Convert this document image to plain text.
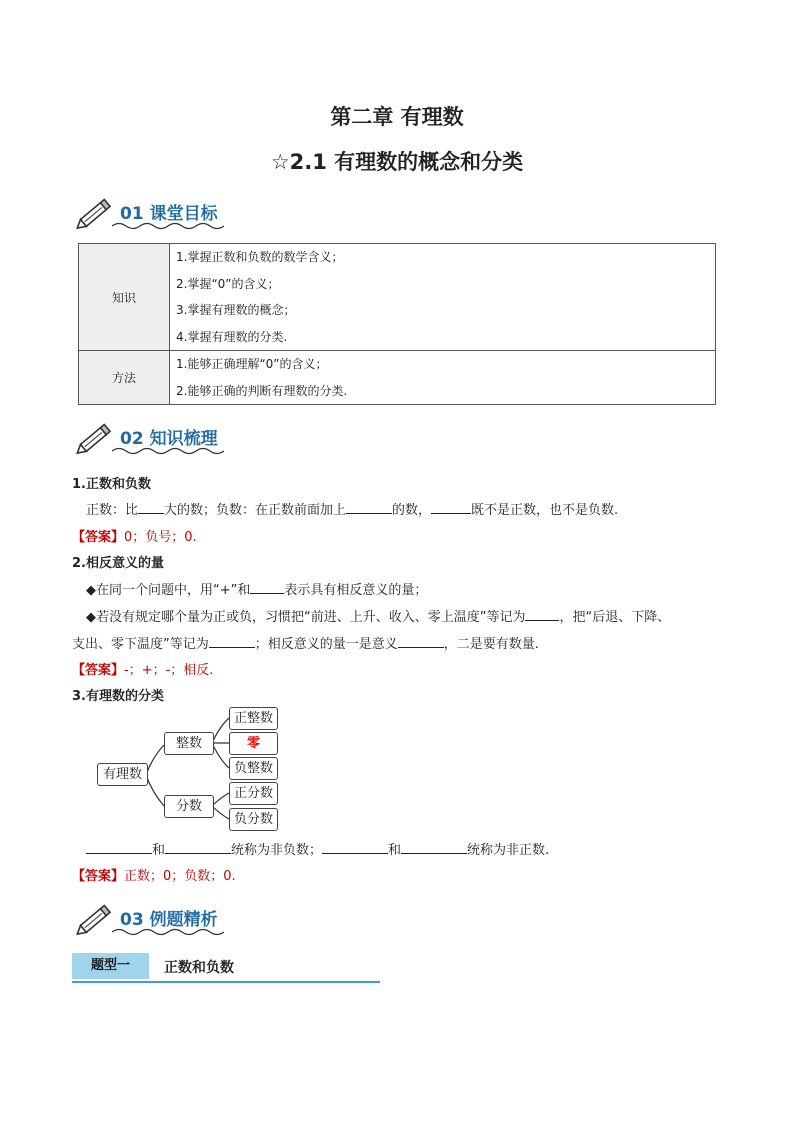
第二章 有理数
☆2.1 有理数的概念和分类
01 课堂目标
知识	1.掌握正数和负数的数学含义；
2.掌握“0”的含义；
3.掌握有理数的概念；
4.掌握有理数的分类.

方法	1.能够正确理解“0”的含义；
2.能够正确的判断有理数的分类.
02 知识梳理
1.正数和负数
正数：比 大的数；负数：在正数前面加上	的数，	既不是正数，也不是负数.
【答案】0；负号；0.
2.相反意义的量
◆在同一个问题中，用“+”和	表示具有相反意义的量；
◆若没有规定哪个量为正或负，习惯把“前进、上升、收入、零上温度”等记为	，把“后退、下降、
支出、零下温度”等记为	；相反意义的量一是意义	，二是要有数量.
【答案】-；+；-；相反.
3.有理数的分类
有理数
整数
分数
正整数
零
负整数
正分数
负分数
和	统称为非负数；	和	统称为非正数.
【答案】正数；0；负数；0.
03 例题精析
题型一	正数和负数
